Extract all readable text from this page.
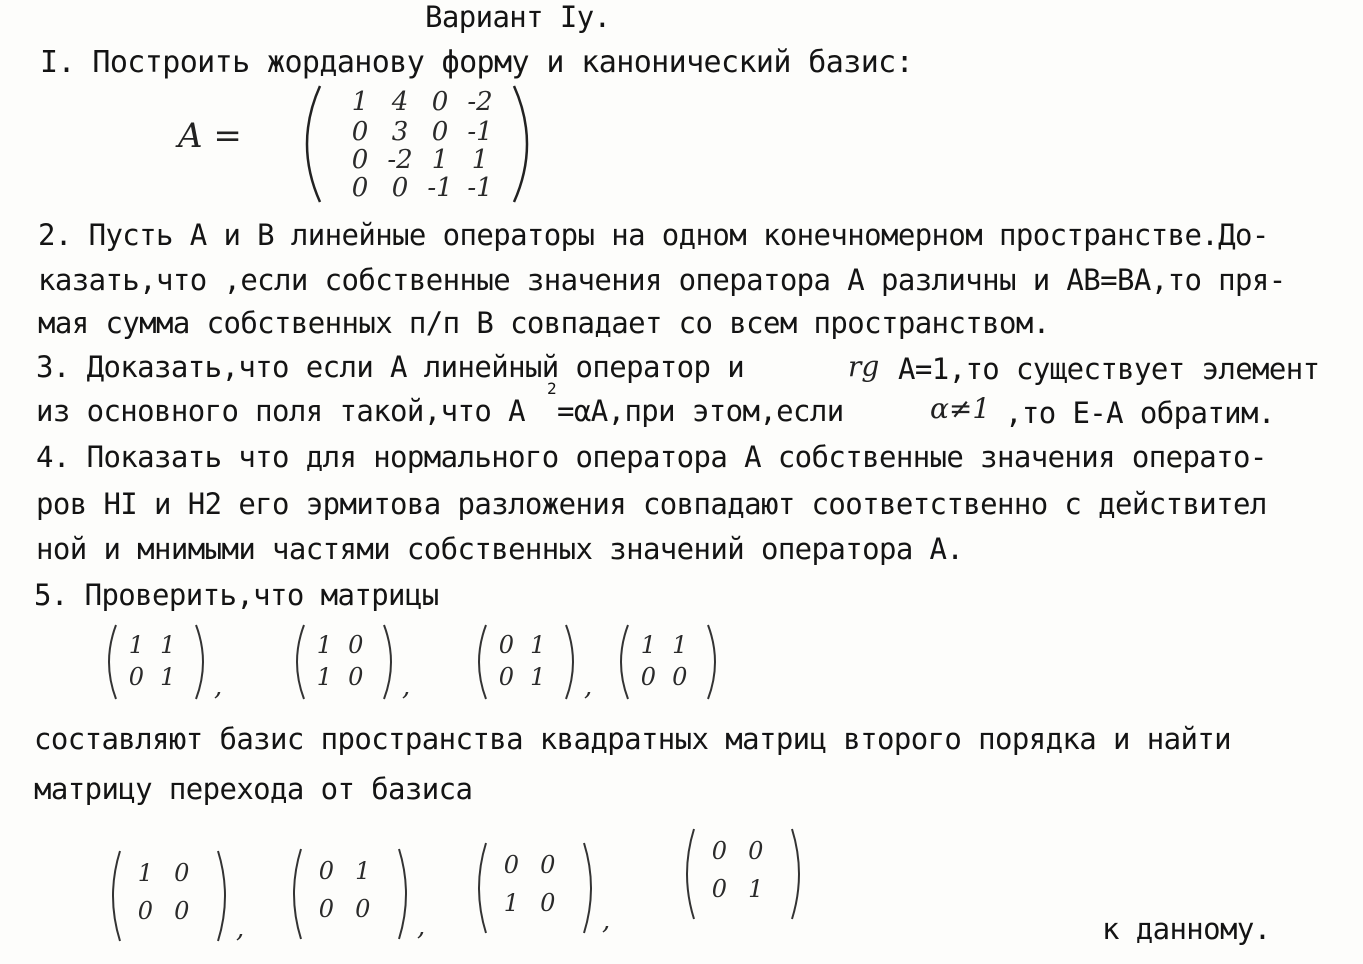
Вариант Iу.
I. Построить жорданову форму и канонический базис:
A =
1 4 0 -2
0 3 0 -1
0 -2 1 1
0 0 -1 -1
2. Пусть A и B линейные операторы на одном конечномерном пространстве.До-
казать,что ,если собственные значения оператора A различны и AB=BA,то пря-
мая сумма собственных п/п B совпадает со всем пространством.
3. Доказать,что если A линейный оператор и	rg A=1,то существует элемент
из основного поля такой,что A
2
=αA,при этом,если	α≠1 ,то E-A обратим.
4. Показать что для нормального оператора A собственные значения операто-
ров HI и H2 его эрмитова разложения совпадают соответственно с действител
ной и мнимыми частями собственных значений оператора A.
5. Проверить,что матрицы
1 1
0 1 ,
1 0
1 0 ,
0 1
0 1 ,
1 1
0 0
составляют базис пространства квадратных матриц второго порядка и найти
матрицу перехода от базиса
1 0
0 0
,
0 1
0 0
,
0 0
1 0
,
0 0
0 1
к данному.
